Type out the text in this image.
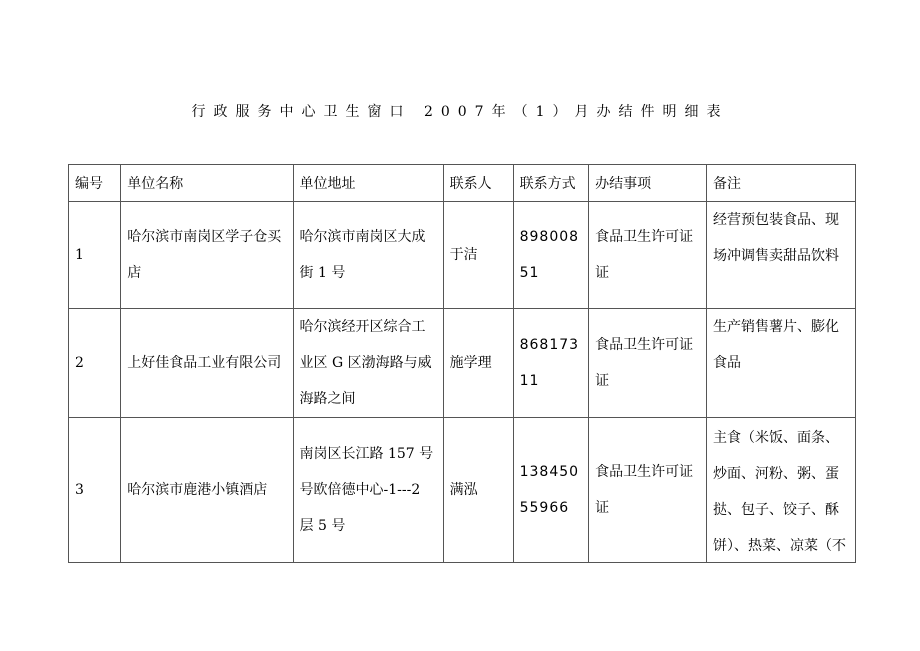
行政服务中心卫生窗口 2007年（1）月办结件明细表
编号	单位名称	单位地址	联系人	联系方式	办结事项	备注
1	哈尔滨市南岗区学子仓买店	哈尔滨市南岗区大成街 1 号	于洁	89800851	食品卫生许可证证	经营预包装食品、现场冲调售卖甜品饮料
2	上好佳食品工业有限公司	哈尔滨经开区综合工业区 G 区渤海路与威海路之间	施学理	86817311	食品卫生许可证证	生产销售薯片、膨化食品
3	哈尔滨市鹿港小镇酒店	南岗区长江路 157 号号欧倍德中心-1---2 层 5 号	满泓	13845055966	食品卫生许可证证	主食（米饭、面条、炒面、河粉、粥、蛋挞、包子、饺子、酥饼）、热菜、凉菜（不
